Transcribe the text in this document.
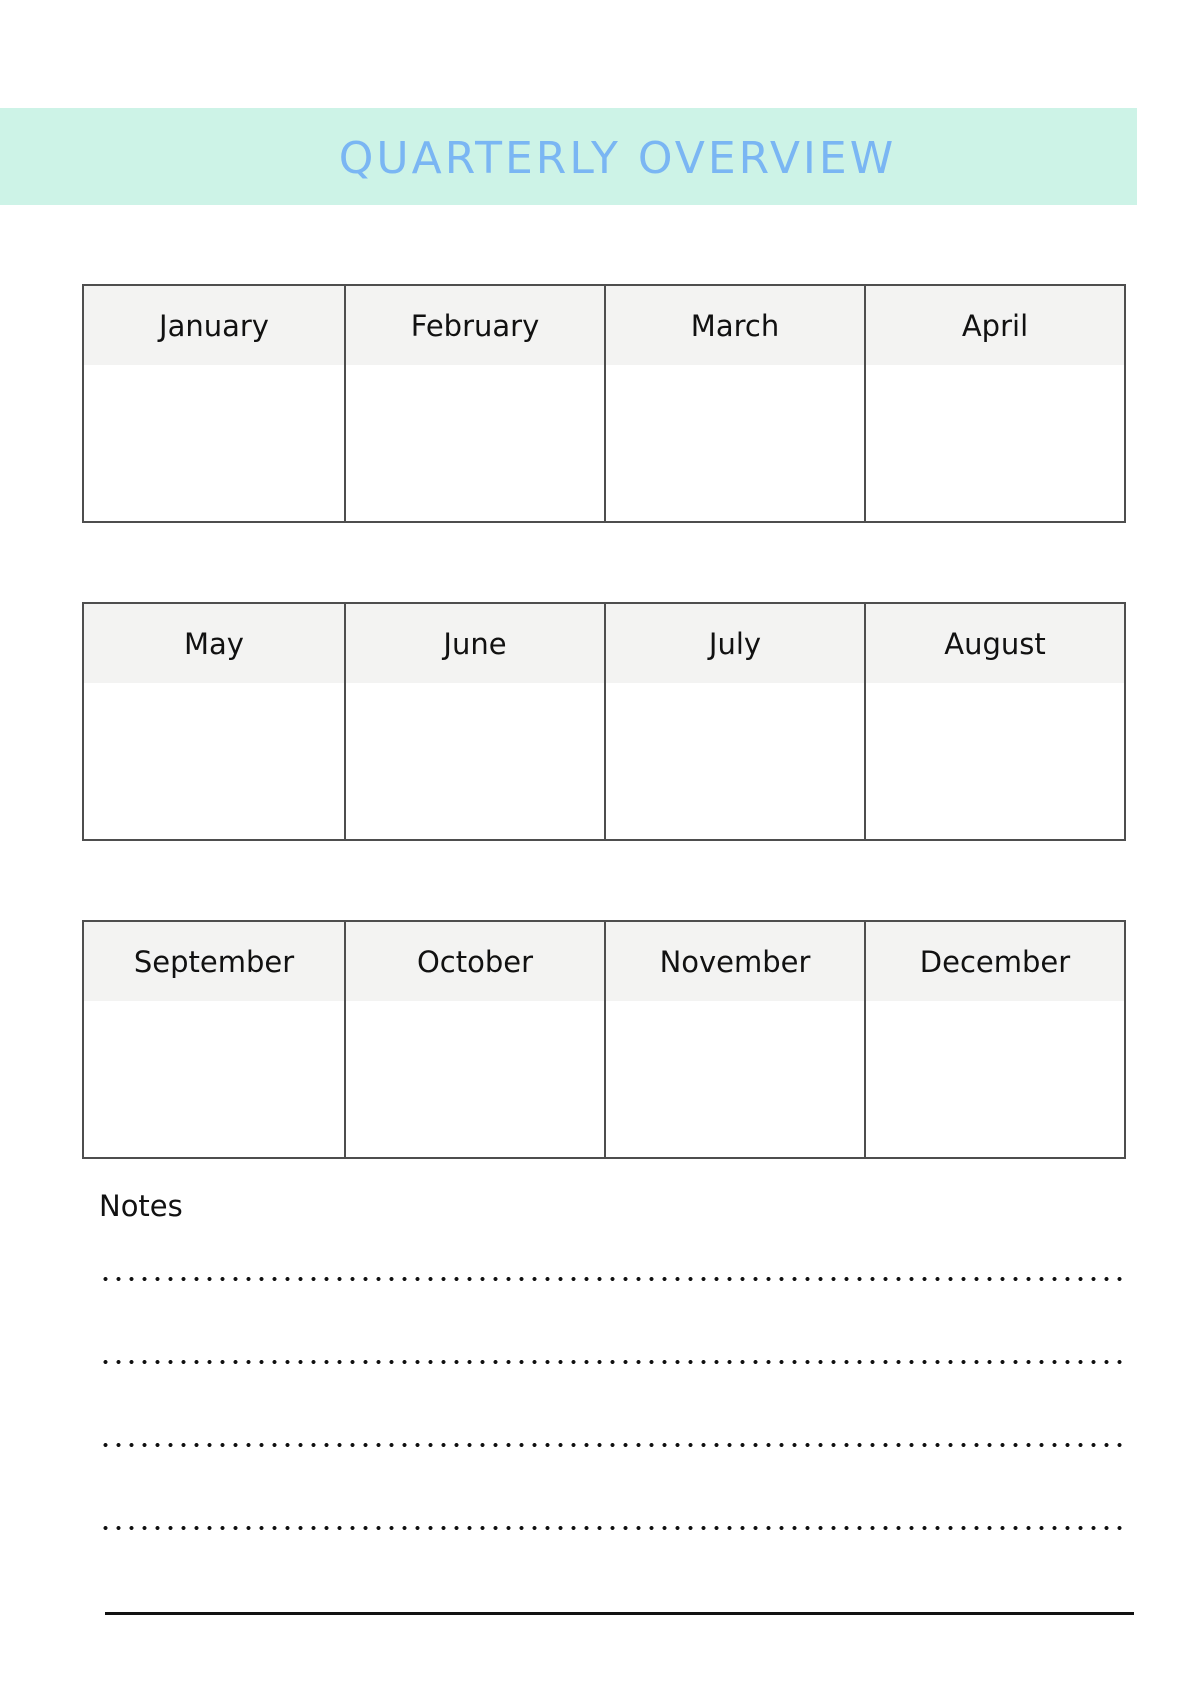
QUARTERLY OVERVIEW
January	February	March	April
May	June	July	August
September	October	November	December
Notes
